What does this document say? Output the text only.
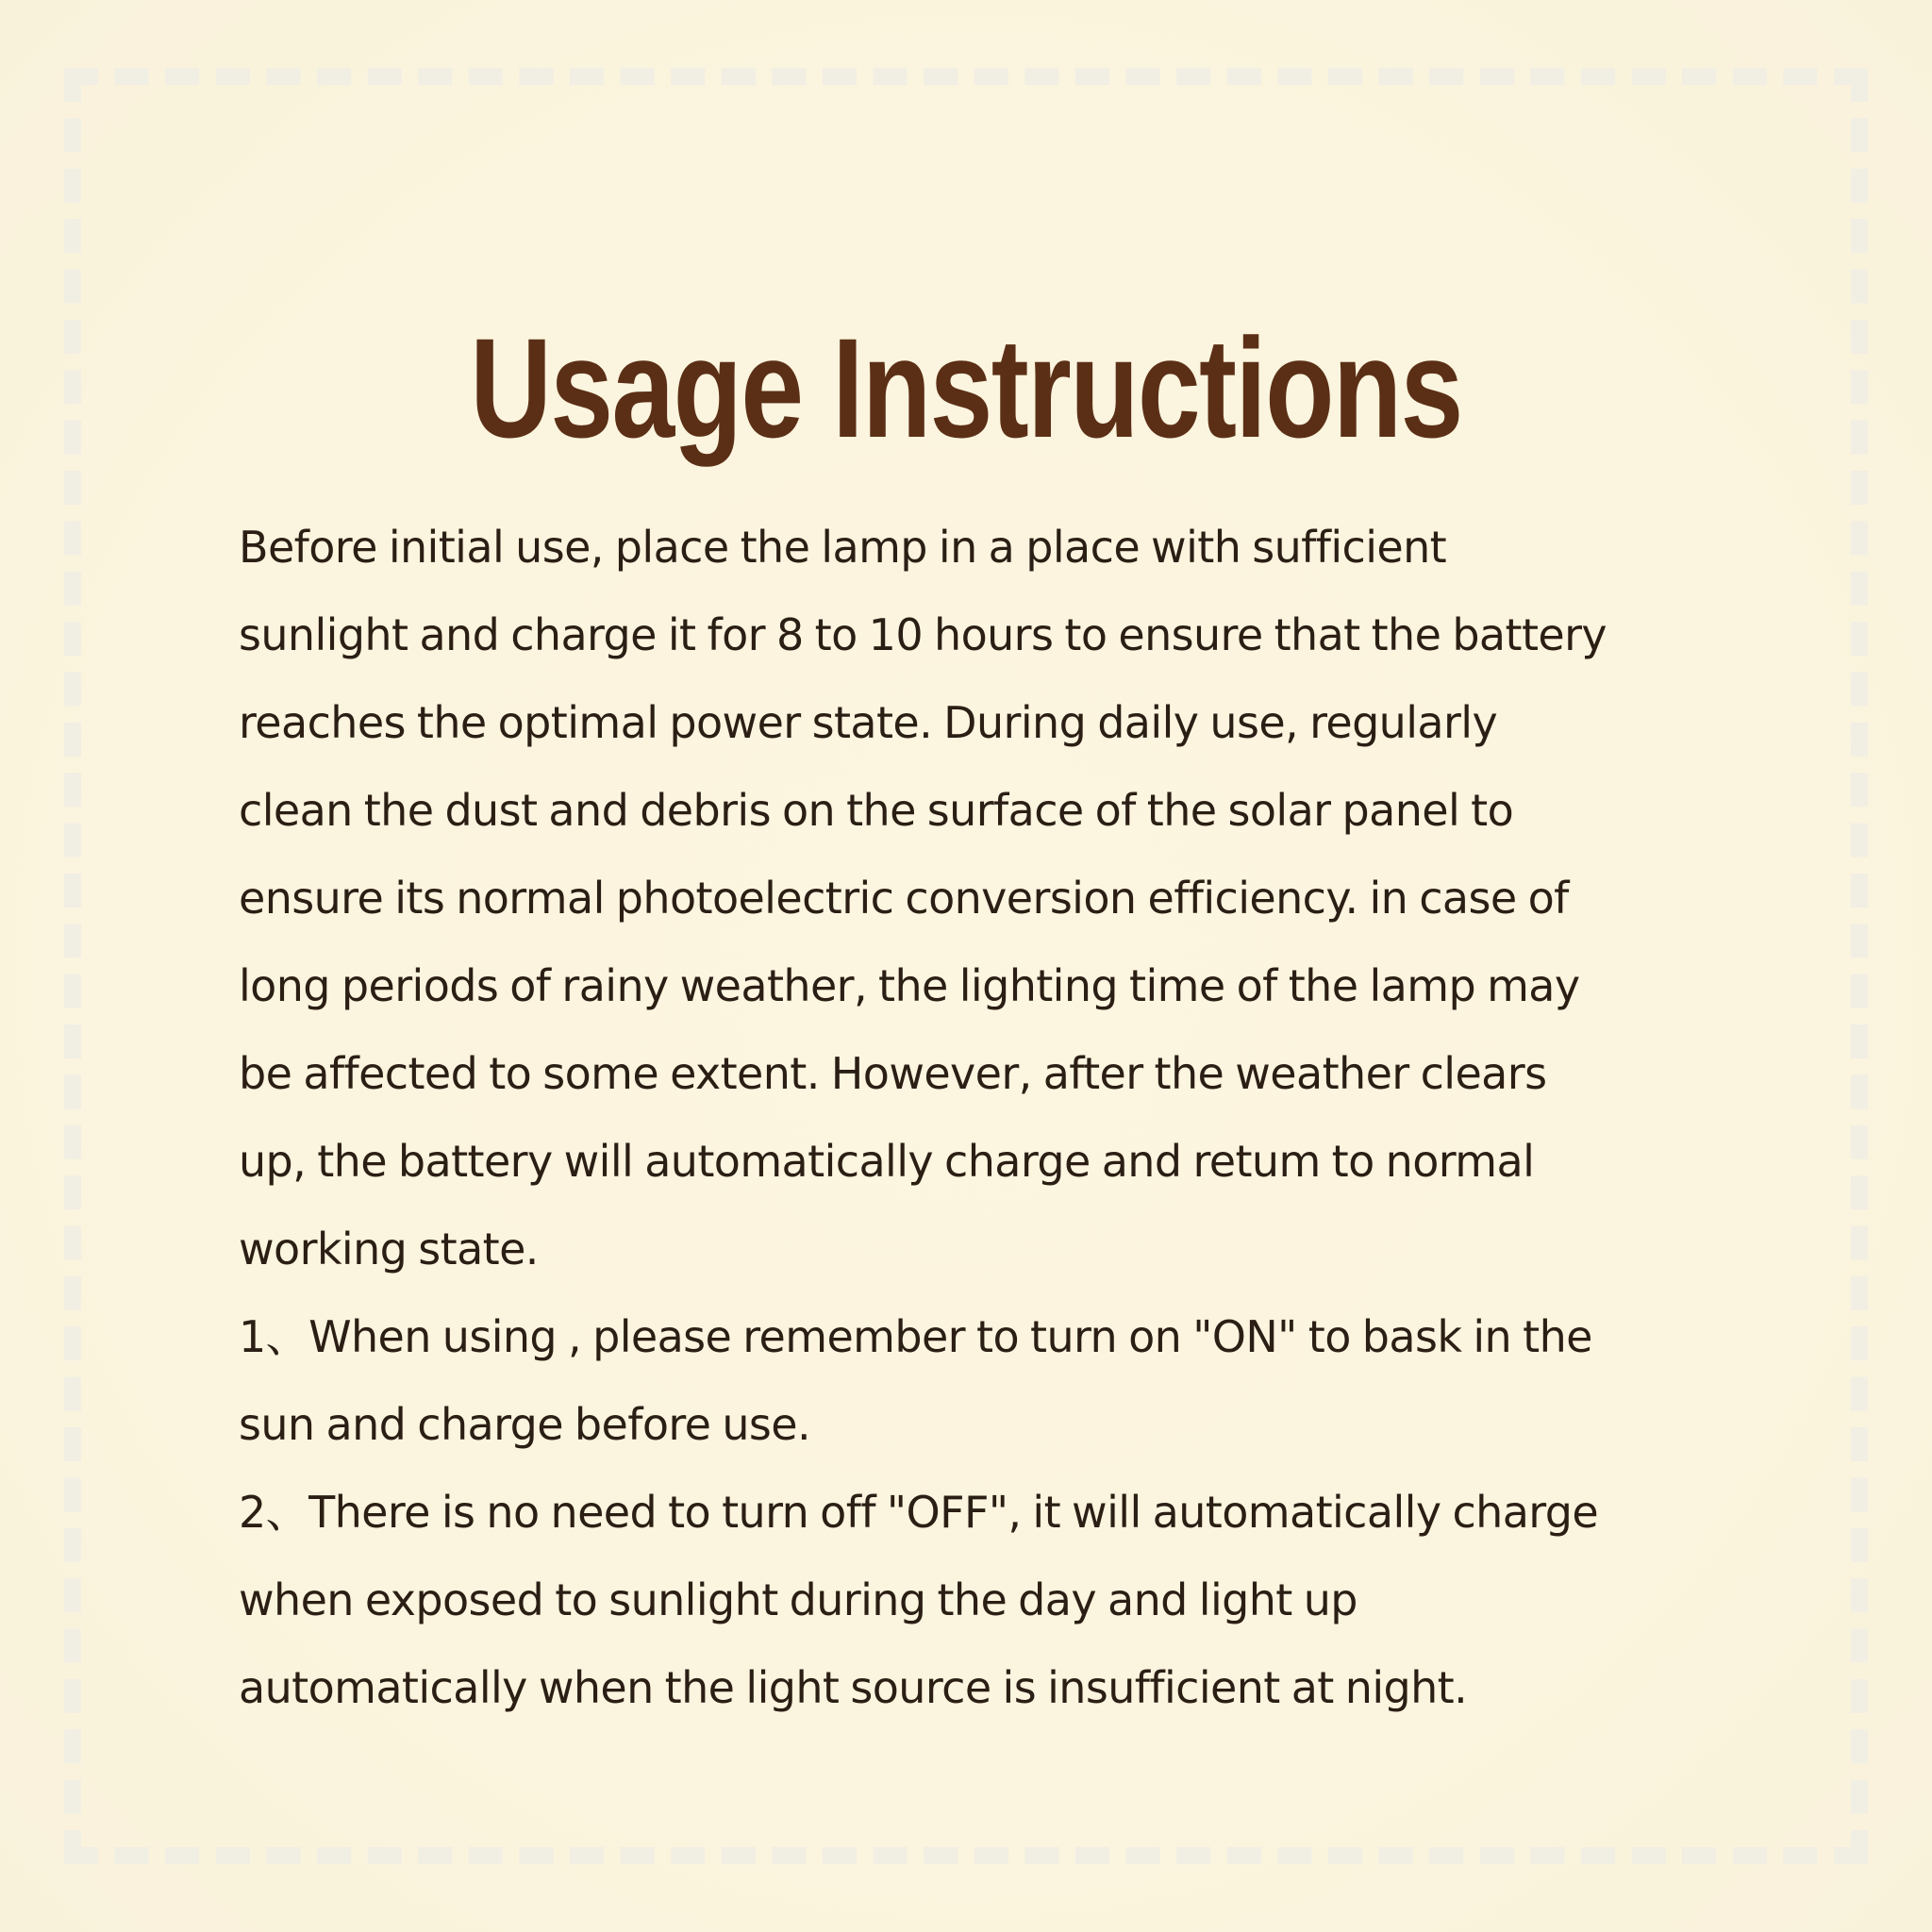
Usage Instructions
Before initial use, place the lamp in a place with sufficient
sunlight and charge it for 8 to 10 hours to ensure that the battery
reaches the optimal power state. During daily use, regularly
clean the dust and debris on the surface of the solar panel to
ensure its normal photoelectric conversion efficiency. in case of
long periods of rainy weather, the lighting time of the lamp may
be affected to some extent. However, after the weather clears
up, the battery will automatically charge and retum to normal
working state.
1、When using , please remember to turn on "ON" to bask in the
sun and charge before use.
2、There is no need to turn off "OFF", it will automatically charge
when exposed to sunlight during the day and light up
automatically when the light source is insufficient at night.
